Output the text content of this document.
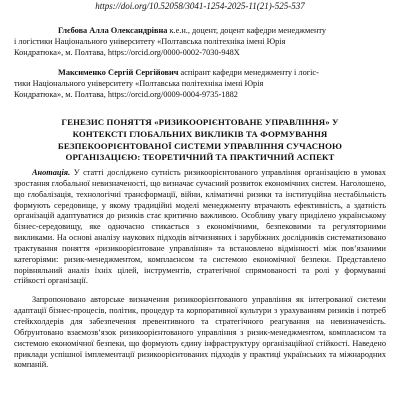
https://doi.org/10.52058/3041-1254-2025-11(21)-525-537
Глєбова Алла Олександрівна к.е.н., доцент, доцент кафедри менеджменту
і логістики Національного університету «Полтавська політехніка імені Юрія
Кондратюка», м. Полтава, https://orcid.org/0000-0002-7030-948X
Максименко Сергій Сергійович аспірант кафедри менеджменту і логіс-
тики Національного університету «Полтавська політехніка імені Юрія
Кондратюка», м. Полтава, https://orcid.org/0009-0004-9735-1882
ГЕНЕЗИС ПОНЯТТЯ «РИЗИКООРІЄНТОВАНЕ УПРАВЛІННЯ» У
КОНТЕКСТІ ГЛОБАЛЬНИХ ВИКЛИКІВ ТА ФОРМУВАННЯ
БЕЗПЕКООРІЄНТОВАНОЇ СИСТЕМИ УПРАВЛІННЯ СУЧАСНОЮ
ОРГАНІЗАЦІЄЮ: ТЕОРЕТИЧНИЙ ТА ПРАКТИЧНИЙ АСПЕКТ

Анотація. У статті досліджено сутність ризикоорієнтованого управління організацією в умовах зростання глобальної невизначеності, що визначає сучасний розвиток економічних систем. Наголошено, що глобалізація, технологічні трансформації, війни, кліматичні ризики та інституційна нестабільність формують середовище, у якому традиційні моделі менеджменту втрачають ефективність, а здатність організацій адаптуватися до ризиків стає критично важливою. Особливу увагу приділено українському бізнес-середовищу, яке одночасно стикається з економічними, безпековими та регуляторними викликами. На основі аналізу наукових підходів вітчизняних і зарубіжних дослідників систематизовано трактування поняття «ризикоорієнтоване управління» та встановлено відмінності між пов’язаними категоріями: ризик-менеджментом, комплаєнсом та системою економічної безпеки. Представлено порівняльний аналіз їхніх цілей, інструментів, стратегічної спрямованості та ролі у формуванні стійкості організації.

Запропоновано авторське визначення ризикоорієнтованого управління як інтегрованої системи адаптації бізнес-процесів, політик, процедур та корпоративної культури з урахуванням ризиків і потреб стейкхолдерів для забезпечення превентивного та стратегічного реагування на невизначеність. Обґрунтовано взаємозв’язок ризикоорієнтованого управління з ризик-менеджментом, комплаєнсом та системою економічної безпеки, що формують єдину інфраструктуру організаційної стійкості. Наведено приклади успішної імплементації ризикоорієнтованих підходів у практиці українських та міжнародних компаній.
